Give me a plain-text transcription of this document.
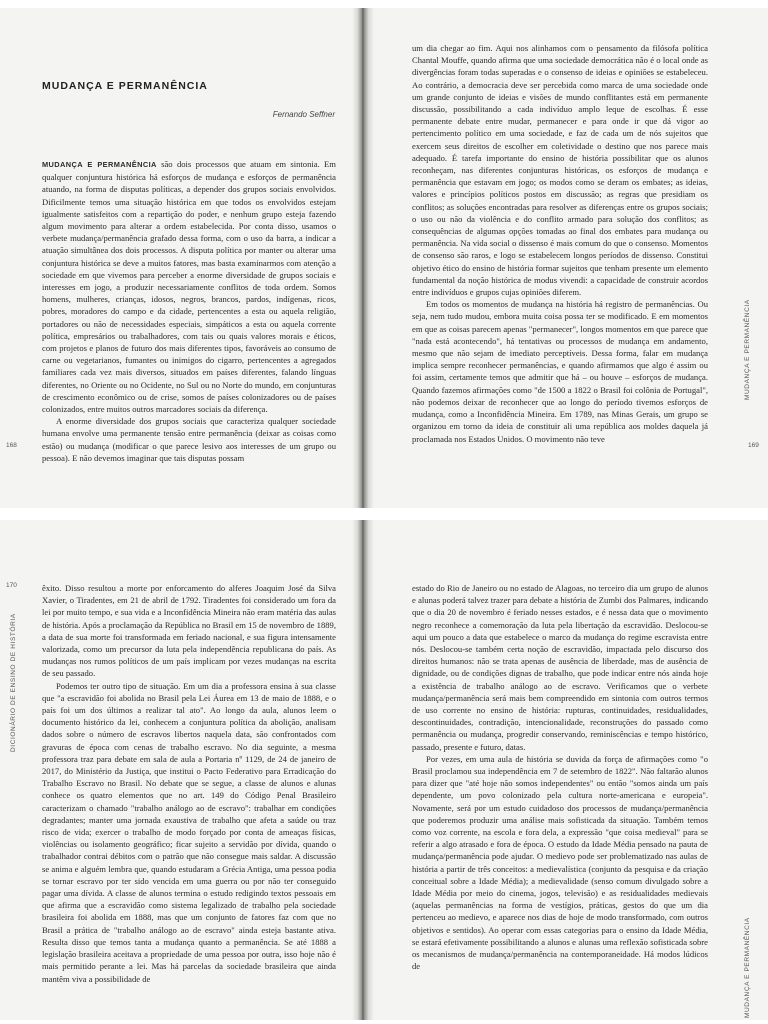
MUDANÇA E PERMANÊNCIA
Fernando Seffner

MUDANÇA E PERMANÊNCIA são dois processos que atuam em sintonia. Em qualquer conjuntura histórica há esforços de mudança e esforços de permanência atuando, na forma de disputas políticas, a depender dos grupos sociais envolvidos. Dificilmente temos uma situação histórica em que todos os envolvidos estejam igualmente satisfeitos com a repartição do poder, e nenhum grupo esteja fazendo algum movimento para alterar a ordem estabelecida. Por conta disso, usamos o verbete mudança/permanência grafado dessa forma, com o uso da barra, a indicar a atuação simultânea dos dois processos. A disputa política por manter ou alterar uma conjuntura histórica se deve a muitos fatores, mas basta examinarmos com atenção a sociedade em que vivemos para perceber a enorme diversidade de grupos sociais e interesses em jogo, a produzir necessariamente conflitos de toda ordem. Somos homens, mulheres, crianças, idosos, negros, brancos, pardos, indígenas, ricos, pobres, moradores do campo e da cidade, pertencentes a esta ou aquela religião, portadores ou não de necessidades especiais, simpáticos a esta ou aquela corrente política, empresários ou trabalhadores, com tais ou quais valores morais e éticos, com projetos e planos de futuro dos mais diferentes tipos, favoráveis ao consumo de carne ou vegetarianos, fumantes ou inimigos do cigarro, pertencentes a agregados familiares cada vez mais diversos, situados em países diferentes, falando línguas diferentes, no Oriente ou no Ocidente, no Sul ou no Norte do mundo, em conjunturas de crescimento econômico ou de crise, somos de países colonizadores ou de países colonizados, entre muitos outros marcadores sociais da diferença.

A enorme diversidade dos grupos sociais que caracteriza qualquer sociedade humana envolve uma permanente tensão entre permanência (deixar as coisas como estão) ou mudança (modificar o que parece lesivo aos interesses de um grupo ou pessoa). E não devemos imaginar que tais disputas possam

168

um dia chegar ao fim. Aqui nos alinhamos com o pensamento da filósofa política Chantal Mouffe, quando afirma que uma sociedade democrática não é o local onde as divergências foram todas superadas e o consenso de ideias e opiniões se estabeleceu. Ao contrário, a democracia deve ser percebida como marca de uma sociedade onde um grande conjunto de ideias e visões de mundo conflitantes está em permanente discussão, possibilitando a cada indivíduo amplo leque de escolhas. É esse permanente debate entre mudar, permanecer e para onde ir que dá vigor ao pertencimento político em uma sociedade, e faz de cada um de nós sujeitos que exercem seus direitos de escolher em coletividade o destino que nos parece mais adequado. É tarefa importante do ensino de história possibilitar que os alunos reconheçam, nas diferentes conjunturas históricas, os esforços de mudança e permanência que estavam em jogo; os modos como se deram os embates; as ideias, valores e princípios políticos postos em discussão; as regras que presidiam os conflitos; as soluções encontradas para resolver as diferenças entre os grupos sociais; o uso ou não da violência e do conflito armado para solução dos conflitos; as consequências de algumas opções tomadas ao final dos embates para mudança ou permanência. Na vida social o dissenso é mais comum do que o consenso. Momentos de consenso são raros, e logo se estabelecem longos períodos de dissenso. Constitui objetivo ético do ensino de história formar sujeitos que tenham presente um elemento fundamental da noção histórica de modus vivendi: a capacidade de construir acordos entre indivíduos e grupos cujas opiniões diferem.

Em todos os momentos de mudança na história há registro de permanências. Ou seja, nem tudo mudou, embora muita coisa possa ter se modificado. E em momentos em que as coisas parecem apenas "permanecer", longos momentos em que parece que "nada está acontecendo", há tentativas ou processos de mudança em andamento, mesmo que não sejam de imediato perceptíveis. Dessa forma, falar em mudança implica sempre reconhecer permanências, e quando afirmamos que algo é assim ou foi assim, certamente temos que admitir que há – ou houve – esforços de mudança. Quando fazemos afirmações como "de 1500 a 1822 o Brasil foi colônia de Portugal", não podemos deixar de reconhecer que ao longo do período tivemos esforços de mudança, como a Inconfidência Mineira. Em 1789, nas Minas Gerais, um grupo se organizou em torno da ideia de constituir ali uma república aos moldes daquela já proclamada nos Estados Unidos. O movimento não teve

MUDANÇA E PERMANÊNCIA
169
170
DICIONÁRIO DE ENSINO DE HISTÓRIA

êxito. Disso resultou a morte por enforcamento do alferes Joaquim José da Silva Xavier, o Tiradentes, em 21 de abril de 1792. Tiradentes foi considerado um fora da lei por muito tempo, e sua vida e a Inconfidência Mineira não eram matéria das aulas de história. Após a proclamação da República no Brasil em 15 de novembro de 1889, a data de sua morte foi transformada em feriado nacional, e sua figura intensamente valorizada, como um precursor da luta pela independência republicana do país. As mudanças nos rumos políticos de um país implicam por vezes mudanças na escrita de seu passado.

Podemos ter outro tipo de situação. Em um dia a professora ensina à sua classe que "a escravidão foi abolida no Brasil pela Lei Áurea em 13 de maio de 1888, e o país foi um dos últimos a realizar tal ato". Ao longo da aula, alunos leem o documento histórico da lei, conhecem a conjuntura política da abolição, analisam dados sobre o número de escravos libertos naquela data, são confrontados com gravuras de época com cenas de trabalho escravo. No dia seguinte, a mesma professora traz para debate em sala de aula a Portaria nº 1129, de 24 de janeiro de 2017, do Ministério da Justiça, que institui o Pacto Federativo para Erradicação do Trabalho Escravo no Brasil. No debate que se segue, a classe de alunos e alunas conhece os quatro elementos que no art. 149 do Código Penal Brasileiro caracterizam o chamado "trabalho análogo ao de escravo": trabalhar em condições degradantes; manter uma jornada exaustiva de trabalho que afeta a saúde ou traz risco de vida; exercer o trabalho de modo forçado por conta de ameaças físicas, violências ou isolamento geográfico; ficar sujeito a servidão por dívida, quando o trabalhador contrai débitos com o patrão que não consegue mais saldar. A discussão se anima e alguém lembra que, quando estudaram a Grécia Antiga, uma pessoa podia se tornar escravo por ter sido vencida em uma guerra ou por não ter conseguido pagar uma dívida. A classe de alunos termina o estudo redigindo textos pessoais em que afirma que a escravidão como sistema legalizado de trabalho pela sociedade brasileira foi abolida em 1888, mas que um conjunto de fatores faz com que no Brasil a prática de "trabalho análogo ao de escravo" ainda esteja bastante ativa. Resulta disso que temos tanta a mudança quanto a permanência. Se até 1888 a legislação brasileira aceitava a propriedade de uma pessoa por outra, isso hoje não é mais permitido perante a lei. Mas há parcelas da sociedade brasileira que ainda mantêm viva a possibilidade de

estado do Rio de Janeiro ou no estado de Alagoas, no terceiro dia um grupo de alunos e alunas poderá talvez trazer para debate a história de Zumbi dos Palmares, indicando que o dia 20 de novembro é feriado nesses estados, e é nessa data que o movimento negro reconhece a comemoração da luta pela libertação da escravidão. Deslocou-se aqui um pouco a data que estabelece o marco da mudança do regime escravista entre nós. Deslocou-se também certa noção de escravidão, impactada pelo discurso dos direitos humanos: não se trata apenas de ausência de liberdade, mas de ausência de dignidade, ou de condições dignas de trabalho, que pode indicar entre nós ainda hoje a existência de trabalho análogo ao de escravo. Verificamos que o verbete mudança/permanência será mais bem compreendido em sintonia com outros termos de uso corrente no ensino de história: rupturas, continuidades, residualidades, descontinuidades, contradição, intencionalidade, reconstruções do passado como permanência ou mudança, progredir conservando, reminiscências e tempo histórico, passado, presente e futuro, datas.

Por vezes, em uma aula de história se duvida da força de afirmações como "o Brasil proclamou sua independência em 7 de setembro de 1822". Não faltarão alunos para dizer que "até hoje não somos independentes" ou então "somos ainda um país dependente, um povo colonizado pela cultura norte-americana e europeia". Novamente, será por um estudo cuidadoso dos processos de mudança/permanência que poderemos produzir uma análise mais sofisticada da situação. Também temos como voz corrente, na escola e fora dela, a expressão "que coisa medieval" para se referir a algo atrasado e fora de época. O estudo da Idade Média pensado na pauta de mudança/permanência pode ajudar. O medievo pode ser problematizado nas aulas de história a partir de três conceitos: a medievalística (conjunto da pesquisa e da criação conceitual sobre a Idade Média); a medievalidade (senso comum divulgado sobre a Idade Média por meio do cinema, jogos, televisão) e as residualidades medievais (aquelas permanências na forma de vestígios, práticas, gestos do que um dia pertenceu ao medievo, e aparece nos dias de hoje de modo transformado, com outros objetivos e sentidos). Ao operar com essas categorias para o ensino da Idade Média, se estará efetivamente possibilitando a alunos e alunas uma reflexão sofisticada sobre os mecanismos de mudança/permanência na contemporaneidade. Há modos lúdicos de	MUDANÇA E PERMANÊNCIA
